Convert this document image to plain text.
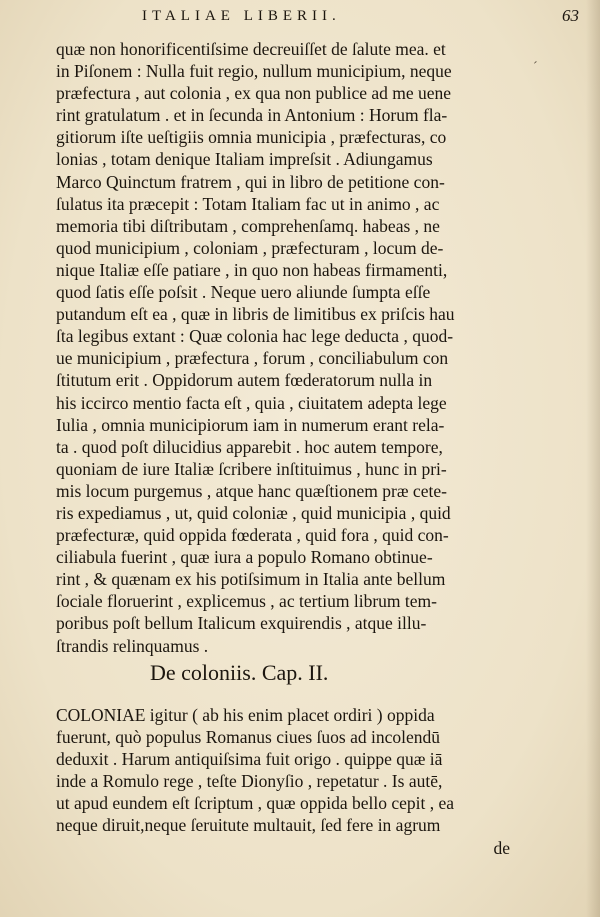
ITALIAE LIBERII.	63
´
quæ non honorificentiſsime decreuiſſet de ſalute mea. et
in Piſonem : Nulla fuit regio, nullum municipium, neque
præfectura , aut colonia , ex qua non publice ad me uene
rint gratulatum . et in ſecunda in Antonium : Horum fla-
gitiorum iſte ueſtigiis omnia municipia , præfecturas, co
lonias , totam denique Italiam impreſsit . Adiungamus
Marco Quinctum fratrem , qui in libro de petitione con-
ſulatus ita præcepit : Totam Italiam fac ut in animo , ac
memoria tibi diſtributam , comprehenſamq. habeas , ne
quod municipium , coloniam , præfecturam , locum de-
nique Italiæ eſſe patiare , in quo non habeas firmamenti,
quod ſatis eſſe poſsit . Neque uero aliunde ſumpta eſſe
putandum eſt ea , quæ in libris de limitibus ex priſcis hau
ſta legibus extant : Quæ colonia hac lege deducta , quod-
ue municipium , præfectura , forum , conciliabulum con
ſtitutum erit . Oppidorum autem fœderatorum nulla in
his iccirco mentio facta eſt , quia , ciuitatem adepta lege
Iulia , omnia municipiorum iam in numerum erant rela-
ta . quod poſt dilucidius apparebit . hoc autem tempore,
quoniam de iure Italiæ ſcribere inſtituimus , hunc in pri-
mis locum purgemus , atque hanc quæſtionem præ cete-
ris expediamus , ut, quid coloniæ , quid municipia , quid
præfecturæ, quid oppida fœderata , quid fora , quid con-
ciliabula fuerint , quæ iura a populo Romano obtinue-
rint , & quænam ex his potiſsimum in Italia ante bellum
ſociale floruerint , explicemus , ac tertium librum tem-
poribus poſt bellum Italicum exquirendis , atque illu-
ſtrandis relinquamus .
De coloniis. Cap. II.
COLONIAE igitur ( ab his enim placet ordiri ) oppida
fuerunt, quò populus Romanus ciues ſuos ad incolendū
deduxit . Harum antiquiſsima fuit origo . quippe quæ iā
inde a Romulo rege , teſte Dionyſio , repetatur . Is autē,
ut apud eundem eſt ſcriptum , quæ oppida bello cepit , ea
neque diruit,neque ſeruitute multauit, ſed fere in agrum
de
